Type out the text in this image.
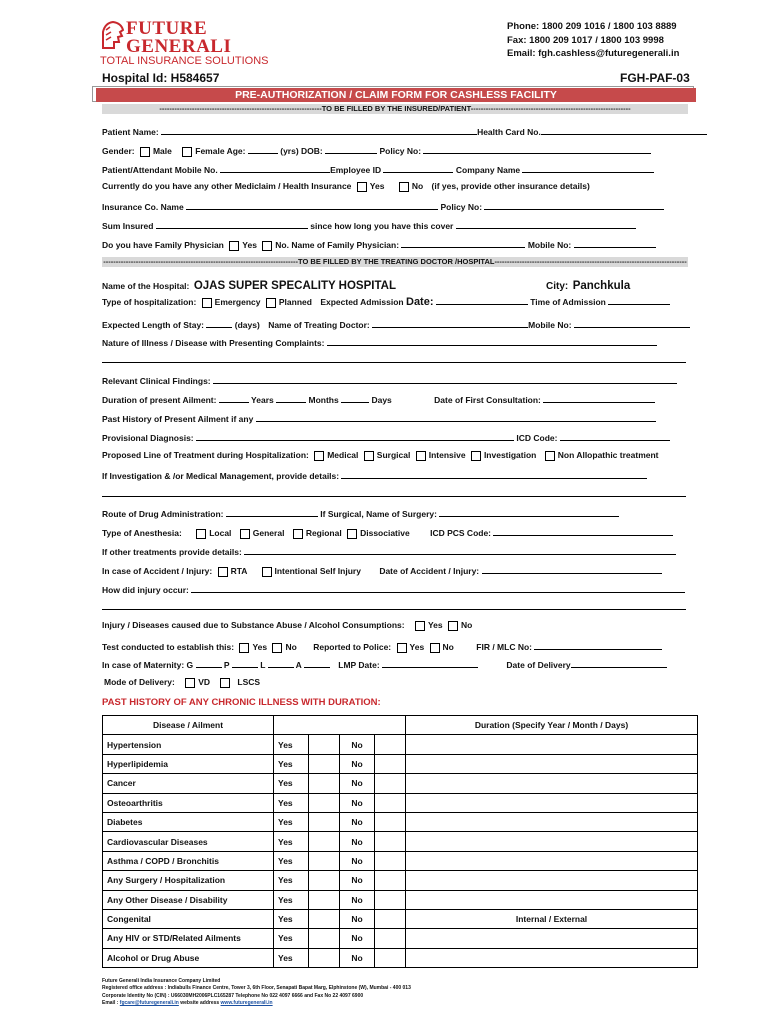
FUTURE
GENERALI
TOTAL INSURANCE SOLUTIONS
Phone: 1800 209 1016 / 1800 103 8889
Fax: 1800 209 1017 / 1800 103 9998
Email: fgh.cashless@futuregenerali.in
Hospital Id: H584657	FGH-PAF-03
PRE-AUTHORIZATION / CLAIM FORM FOR CASHLESS FACILITY
-----------------------------------------------------------------TO BE FILLED BY THE INSURED/PATIENT----------------------------------------------------------------
Patient Name:	Health Card No.
Gender: Male	Female Age:	(yrs) DOB:	Policy No:
Patient/Attendant Mobile No.	Employee ID	Company Name
Currently do you have any other Mediclaim / Health Insurance Yes	No (if yes, provide other insurance details)
Insurance Co. Name	Policy No:
Sum Insured	since how long you have this cover
Do you have Family Physician Yes No. Name of Family Physician:	Mobile No:
------------------------------------------------------------------------------TO BE FILLED BY THE TREATING DOCTOR /HOSPITAL-----------------------------------------------------------------------------
Name of the Hospital: OJAS SUPER SPECALITY HOSPITAL	City: Panchkula
Type of hospitalization: Emergency Planned Expected Admission Date:	Time of Admission
Expected Length of Stay:	(days) Name of Treating Doctor:	Mobile No:
Nature of Illness / Disease with Presenting Complaints:
Relevant Clinical Findings:
Duration of present Ailment:	Years	Months	Days	Date of First Consultation:
Past History of Present Ailment if any
Provisional Diagnosis:	ICD Code:
Proposed Line of Treatment during Hospitalization: Medical Surgical Intensive Investigation	Non Allopathic treatment
If Investigation & /or Medical Management, provide details:
Route of Drug Administration:	If Surgical, Name of Surgery:
Type of Anesthesia:	Local	General	Regional Dissociative ICD PCS Code:
If other treatments provide details:
In case of Accident / Injury: RTA	Intentional Self Injury Date of Accident / Injury:
How did injury occur:
Injury / Diseases caused due to Substance Abuse / Alcohol Consumptions:	Yes No
Test conducted to establish this: Yes No Reported to Police: Yes No	FIR / MLC No:
In case of Maternity: G	P	L	A	LMP Date:	Date of Delivery
Mode of Delivery:	VD	LSCS
PAST HISTORY OF ANY CHRONIC ILLNESS WITH DURATION:
Disease / Ailment					Duration (Specify Year / Month / Days)
Hypertension	Yes		No		
Hyperlipidemia	Yes		No		
Cancer	Yes		No		
Osteoarthritis	Yes		No		
Diabetes	Yes		No		
Cardiovascular Diseases	Yes		No		
Asthma / COPD / Bronchitis	Yes		No		
Any Surgery / Hospitalization	Yes		No		
Any Other Disease / Disability	Yes		No		
Congenital	Yes		No		Internal / External
Any HIV or STD/Related Ailments	Yes		No		
Alcohol or Drug Abuse	Yes		No		
Future Generali India Insurance Company Limited
Registered office address : Indiabulls Finance Centre, Tower 3, 6th Floor, Senapati Bapat Marg, Elphinstone (W), Mumbai - 400 013
Corporate Identity No (CIN) : U66030MH2006PLC165287 Telephone No 022 4097 6666 and Fax No 22 4097 6900
Email : fgcare@futuregenerali.in website address www.futuregenerali.in
